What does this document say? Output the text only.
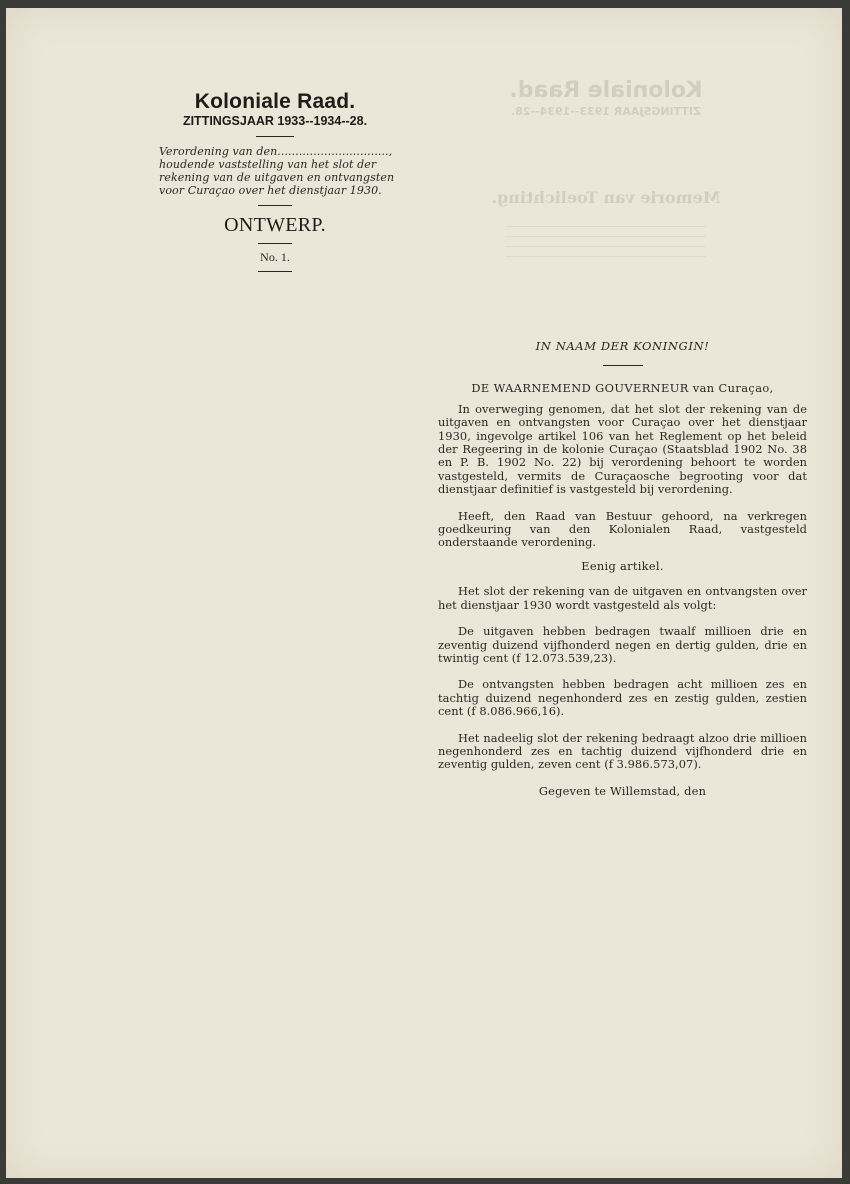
Koloniale Raad.
ZITTINGSJAAR 1933--1934--28.
Memorie van Toelichting.
Koloniale Raad.
ZITTINGSJAAR 1933--1934--28.
Verordening van den..............................., houdende vaststelling van het slot der rekening van de uitgaven en ontvangsten voor Curaçao over het dienstjaar 1930.
ONTWERP.
No. 1.
IN NAAM DER KONINGIN!
DE WAARNEMEND GOUVERNEUR van Curaçao,
In overweging genomen, dat het slot der rekening van de uitgaven en ontvangsten voor Curaçao over het dienstjaar 1930, ingevolge artikel 106 van het Reglement op het beleid der Regeering in de kolonie Curaçao (Staatsblad 1902 No. 38 en P. B. 1902 No. 22) bij verordening behoort te worden vastgesteld, vermits de Curaçaosche begrooting voor dat dienstjaar definitief is vastgesteld bij verordening.
Heeft, den Raad van Bestuur gehoord, na verkregen goedkeuring van den Kolonialen Raad, vastgesteld onderstaande verordening.
Eenig artikel.
Het slot der rekening van de uitgaven en ontvangsten over het dienstjaar 1930 wordt vastgesteld als volgt:
De uitgaven hebben bedragen twaalf millioen drie en zeventig duizend vijfhonderd negen en dertig gulden, drie en twintig cent (f 12.073.539,23).
De ontvangsten hebben bedragen acht millioen zes en tachtig duizend negenhonderd zes en zestig gulden, zestien cent (f 8.086.966,16).
Het nadeelig slot der rekening bedraagt alzoo drie millioen negenhonderd zes en tachtig duizend vijfhonderd drie en zeventig gulden, zeven cent (f 3.986.573,07).
Gegeven te Willemstad, den
